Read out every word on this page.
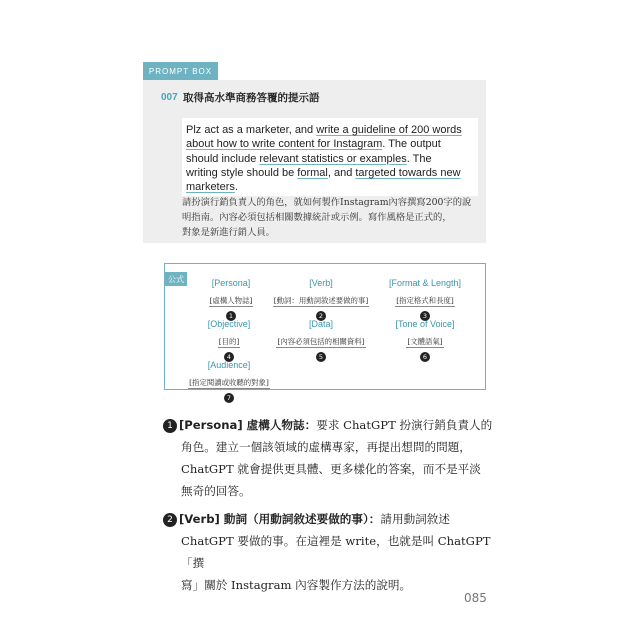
PROMPT BOX
007 取得高水準商務答覆的提示語
Plz act as a marketer, and write a guideline of 200 words
about how to write content for Instagram. The output
should include relevant statistics or examples. The
writing style should be formal, and targeted towards new
marketers.
請扮演行銷負責人的角色，就如何製作Instagram內容撰寫200字的說
明指南。內容必須包括相關數據統計或示例。寫作風格是正式的，
對象是新進行銷人員。
公式	[Persona]
[虛構人物誌]
1
[Verb]
[動詞：用動詞敘述要做的事]
2
[Format & Length]
[指定格式和長度]
3
[Objective]
[目的]
4
[Data]
[內容必須包括的相關資料]
5
[Tone of Voice]
[文體語氣]
6
[Audience]
[指定閱讀或收聽的對象]
7
1 [Persona] 虛構人物誌：要求 ChatGPT 扮演行銷負責人的
角色。建立一個該領域的虛構專家，再提出想問的問題，
ChatGPT 就會提供更具體、更多樣化的答案，而不是平淡
無奇的回答。
2 [Verb] 動詞（用動詞敘述要做的事）：請用動詞敘述
ChatGPT 要做的事。在這裡是 write，也就是叫 ChatGPT「撰
寫」關於 Instagram 內容製作方法的說明。
085
